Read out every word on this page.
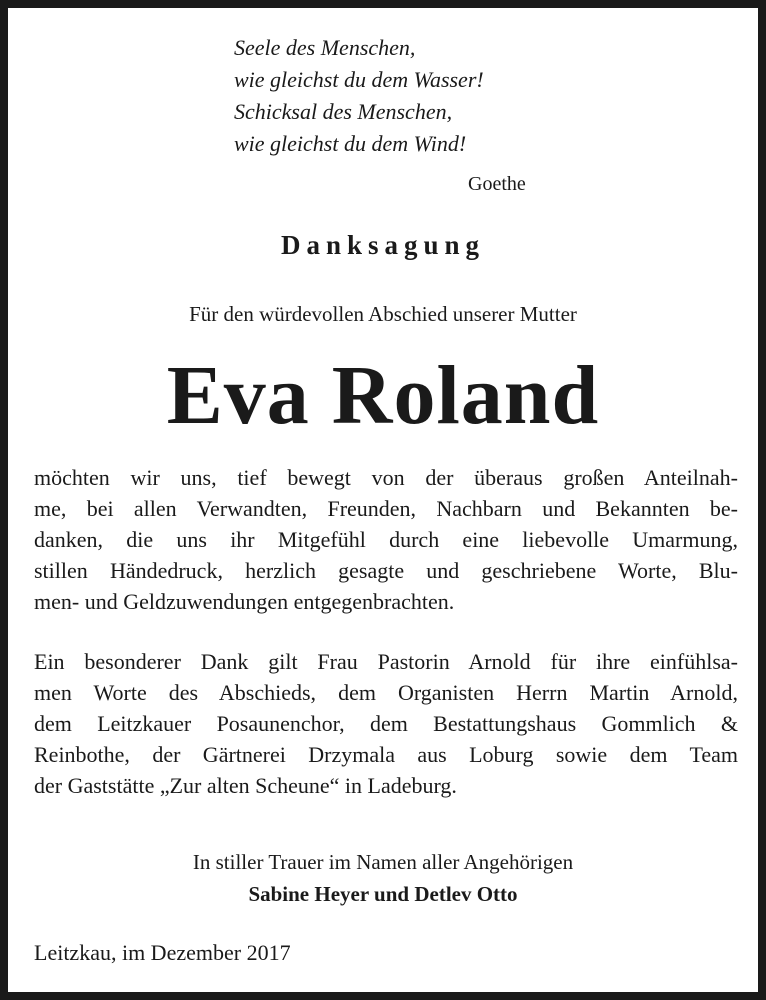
Seele des Menschen,
wie gleichst du dem Wasser!
Schicksal des Menschen,
wie gleichst du dem Wind!
Goethe
Danksagung
Für den würdevollen Abschied unserer Mutter
Eva Roland
möchten wir uns, tief bewegt von der überaus großen Anteilnah-
me, bei allen Verwandten, Freunden, Nachbarn und Bekannten be-
danken, die uns ihr Mitgefühl durch eine liebevolle Umarmung,
stillen Händedruck, herzlich gesagte und geschriebene Worte, Blu-
men- und Geldzuwendungen entgegenbrachten.
Ein besonderer Dank gilt Frau Pastorin Arnold für ihre einfühlsa-
men Worte des Abschieds, dem Organisten Herrn Martin Arnold,
dem Leitzkauer Posaunenchor, dem Bestattungshaus Gommlich &
Reinbothe, der Gärtnerei Drzymala aus Loburg sowie dem Team
der Gaststätte „Zur alten Scheune“ in Ladeburg.
In stiller Trauer im Namen aller Angehörigen
Sabine Heyer und Detlev Otto
Leitzkau, im Dezember 2017
